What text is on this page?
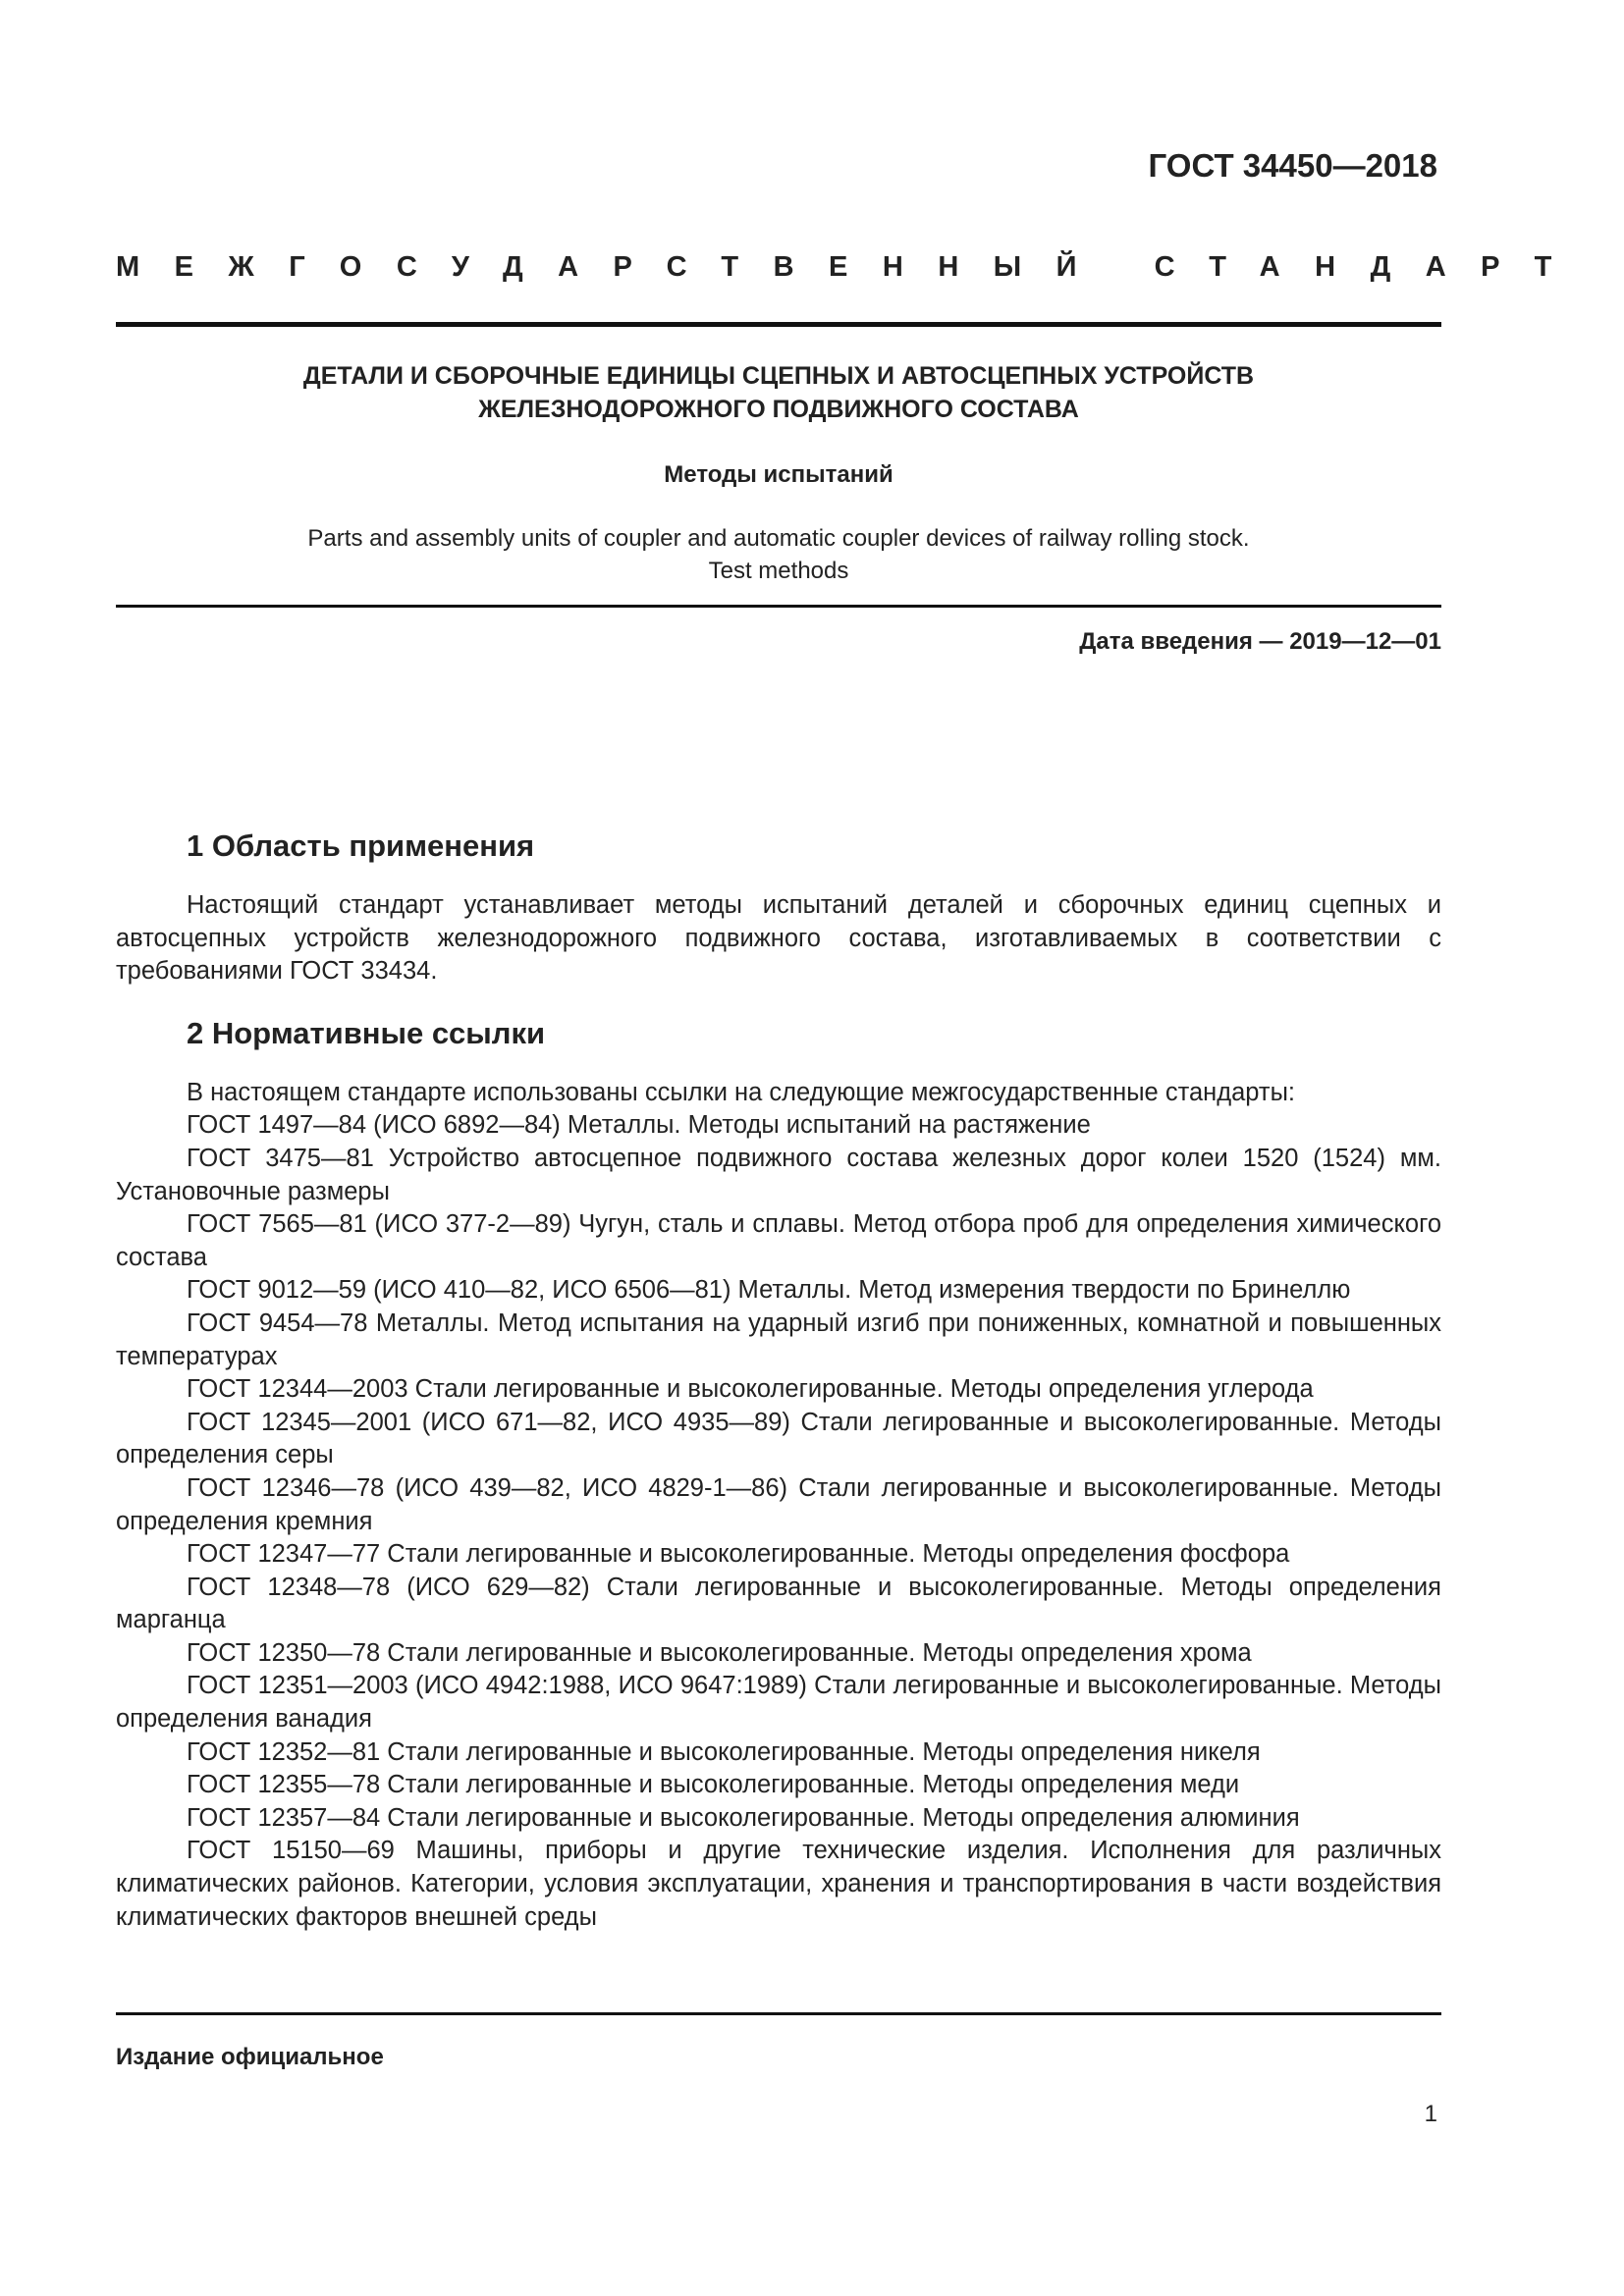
ГОСТ 34450—2018
МЕЖГОСУДАРСТВЕННЫЙ СТАНДАРТ
ДЕТАЛИ И СБОРОЧНЫЕ ЕДИНИЦЫ СЦЕПНЫХ И АВТОСЦЕПНЫХ УСТРОЙСТВ
ЖЕЛЕЗНОДОРОЖНОГО ПОДВИЖНОГО СОСТАВА
Методы испытаний
Parts and assembly units of coupler and automatic coupler devices of railway rolling stock.
Test methods
Дата введения — 2019—12—01
1 Область применения

Настоящий стандарт устанавливает методы испытаний деталей и сборочных единиц сцепных и автосцепных устройств железнодорожного подвижного состава, изготавливаемых в соответствии с требованиями ГОСТ 33434.

2 Нормативные ссылки

В настоящем стандарте использованы ссылки на следующие межгосударственные стандарты:

ГОСТ 1497—84 (ИСО 6892—84) Металлы. Методы испытаний на растяжение

ГОСТ 3475—81 Устройство автосцепное подвижного состава железных дорог колеи 1520 (1524) мм. Установочные размеры

ГОСТ 7565—81 (ИСО 377-2—89) Чугун, сталь и сплавы. Метод отбора проб для определения химического состава

ГОСТ 9012—59 (ИСО 410—82, ИСО 6506—81) Металлы. Метод измерения твердости по Бринеллю

ГОСТ 9454—78 Металлы. Метод испытания на ударный изгиб при пониженных, комнатной и повышенных температурах

ГОСТ 12344—2003 Стали легированные и высоколегированные. Методы определения углерода

ГОСТ 12345—2001 (ИСО 671—82, ИСО 4935—89) Стали легированные и высоколегированные. Методы определения серы

ГОСТ 12346—78 (ИСО 439—82, ИСО 4829-1—86) Стали легированные и высоколегированные. Методы определения кремния

ГОСТ 12347—77 Стали легированные и высоколегированные. Методы определения фосфора

ГОСТ 12348—78 (ИСО 629—82) Стали легированные и высоколегированные. Методы определения марганца

ГОСТ 12350—78 Стали легированные и высоколегированные. Методы определения хрома

ГОСТ 12351—2003 (ИСО 4942:1988, ИСО 9647:1989) Стали легированные и высоколегированные. Методы определения ванадия

ГОСТ 12352—81 Стали легированные и высоколегированные. Методы определения никеля

ГОСТ 12355—78 Стали легированные и высоколегированные. Методы определения меди

ГОСТ 12357—84 Стали легированные и высоколегированные. Методы определения алюминия

ГОСТ 15150—69 Машины, приборы и другие технические изделия. Исполнения для различных климатических районов. Категории, условия эксплуатации, хранения и транспортирования в части воздействия климатических факторов внешней среды

Издание официальное
1
